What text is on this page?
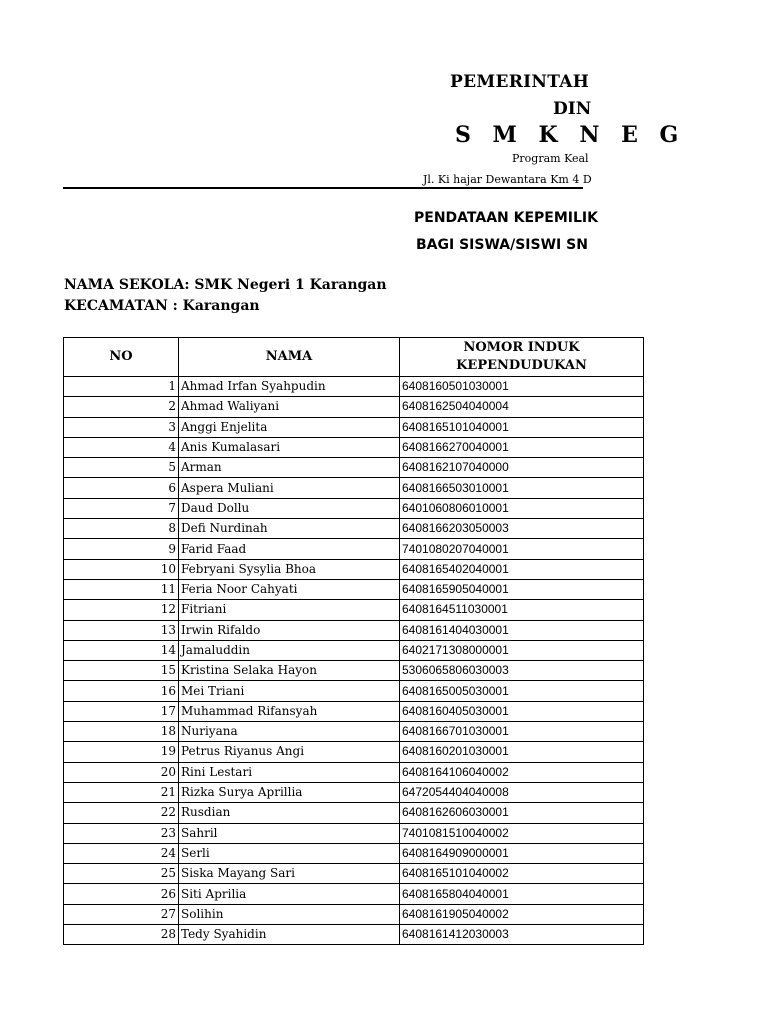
PEMERINTAH
DIN
S M K N E G
Program Keal
Jl. Ki hajar Dewantara Km 4 D
PENDATAAN KEPEMILIK
BAGI SISWA/SISWI SN
NAMA SEKOLA: SMK Negeri 1 Karangan
KECAMATAN : Karangan
NO	NAMA	NOMOR INDUK
KEPENDUDUKAN

1	Ahmad Irfan Syahpudin	6408160501030001
2	Ahmad Waliyani	6408162504040004
3	Anggi Enjelita	6408165101040001
4	Anis Kumalasari	6408166270040001
5	Arman	6408162107040000
6	Aspera Muliani	6408166503010001
7	Daud Dollu	6401060806010001
8	Defi Nurdinah	6408166203050003
9	Farid Faad	7401080207040001
10	Febryani Sysylia Bhoa	6408165402040001
11	Feria Noor Cahyati	6408165905040001
12	Fitriani	6408164511030001
13	Irwin Rifaldo	6408161404030001
14	Jamaluddin	6402171308000001
15	Kristina Selaka Hayon	5306065806030003
16	Mei Triani	6408165005030001
17	Muhammad Rifansyah	6408160405030001
18	Nuriyana	6408166701030001
19	Petrus Riyanus Angi	6408160201030001
20	Rini Lestari	6408164106040002
21	Rizka Surya Aprillia	6472054404040008
22	Rusdian	6408162606030001
23	Sahril	7401081510040002
24	Serli	6408164909000001
25	Siska Mayang Sari	6408165101040002
26	Siti Aprilia	6408165804040001
27	Solihin	6408161905040002
28	Tedy Syahidin	6408161412030003
